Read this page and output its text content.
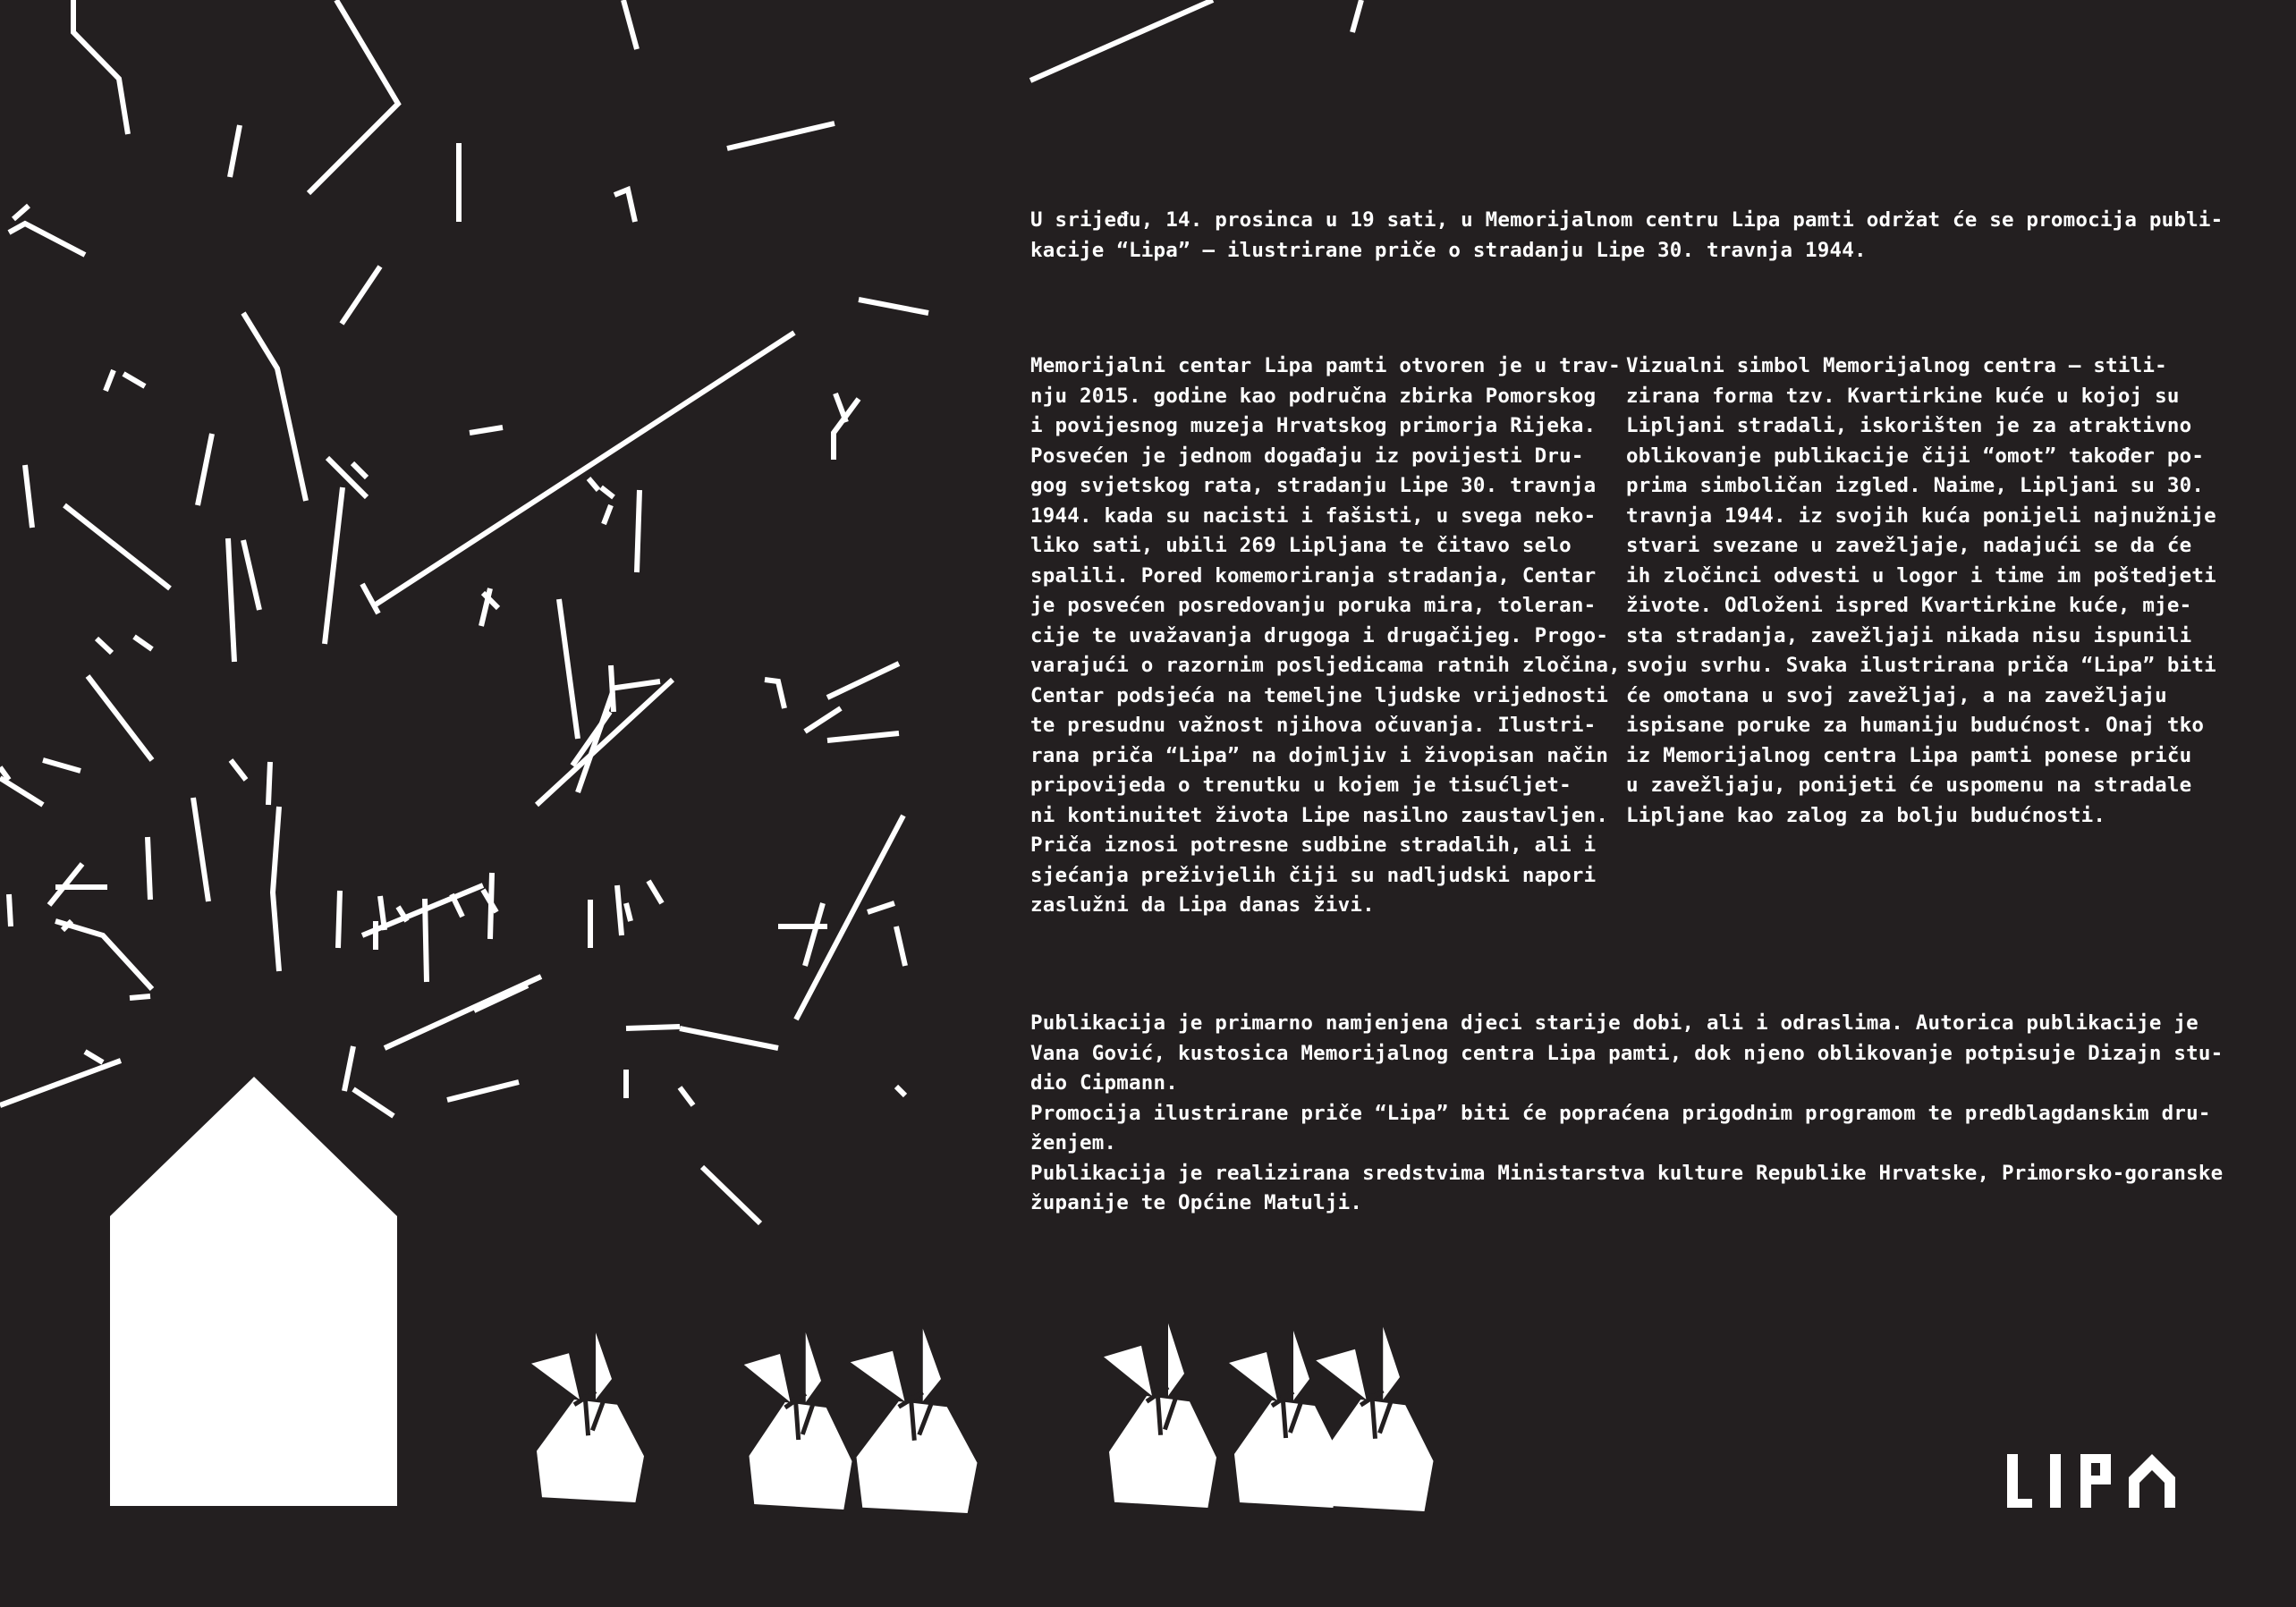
U srijeđu, 14. prosinca u 19 sati, u Memorijalnom centru Lipa pamti održat će se promocija publi-
kacije “Lipa” – ilustrirane priče o stradanju Lipe 30. travnja 1944.
Memorijalni centar Lipa pamti otvoren je u trav-
nju 2015. godine kao područna zbirka Pomorskog
i povijesnog muzeja Hrvatskog primorja Rijeka.
Posvećen je jednom događaju iz povijesti Dru-
gog svjetskog rata, stradanju Lipe 30. travnja
1944. kada su nacisti i fašisti, u svega neko-
liko sati, ubili 269 Lipljana te čitavo selo
spalili. Pored komemoriranja stradanja, Centar
je posvećen posredovanju poruka mira, toleran-
cije te uvažavanja drugoga i drugačijeg. Progo-
varajući o razornim posljedicama ratnih zločina,
Centar podsjeća na temeljne ljudske vrijednosti
te presudnu važnost njihova očuvanja. Ilustri-
rana priča “Lipa” na dojmljiv i živopisan način
pripovijeda o trenutku u kojem je tisućljet-
ni kontinuitet života Lipe nasilno zaustavljen.
Priča iznosi potresne sudbine stradalih, ali i
sjećanja preživjelih čiji su nadljudski napori
zaslužni da Lipa danas živi.
Vizualni simbol Memorijalnog centra – stili-
zirana forma tzv. Kvartirkine kuće u kojoj su
Lipljani stradali, iskorišten je za atraktivno
oblikovanje publikacije čiji “omot” također po-
prima simboličan izgled. Naime, Lipljani su 30.
travnja 1944. iz svojih kuća ponijeli najnužnije
stvari svezane u zavežljaje, nadajući se da će
ih zločinci odvesti u logor i time im poštedjeti
živote. Odloženi ispred Kvartirkine kuće, mje-
sta stradanja, zavežljaji nikada nisu ispunili
svoju svrhu. Svaka ilustrirana priča “Lipa” biti
će omotana u svoj zavežljaj, a na zavežljaju
ispisane poruke za humaniju budućnost. Onaj tko
iz Memorijalnog centra Lipa pamti ponese priču
u zavežljaju, ponijeti će uspomenu na stradale
Lipljane kao zalog za bolju budućnosti.
Publikacija je primarno namjenjena djeci starije dobi, ali i odraslima. Autorica publikacije je
Vana Gović, kustosica Memorijalnog centra Lipa pamti, dok njeno oblikovanje potpisuje Dizajn stu-
dio Cipmann.
Promocija ilustrirane priče “Lipa” biti će popraćena prigodnim programom te predblagdanskim dru-
ženjem.
Publikacija je realizirana sredstvima Ministarstva kulture Republike Hrvatske, Primorsko-goranske
županije te Općine Matulji.
